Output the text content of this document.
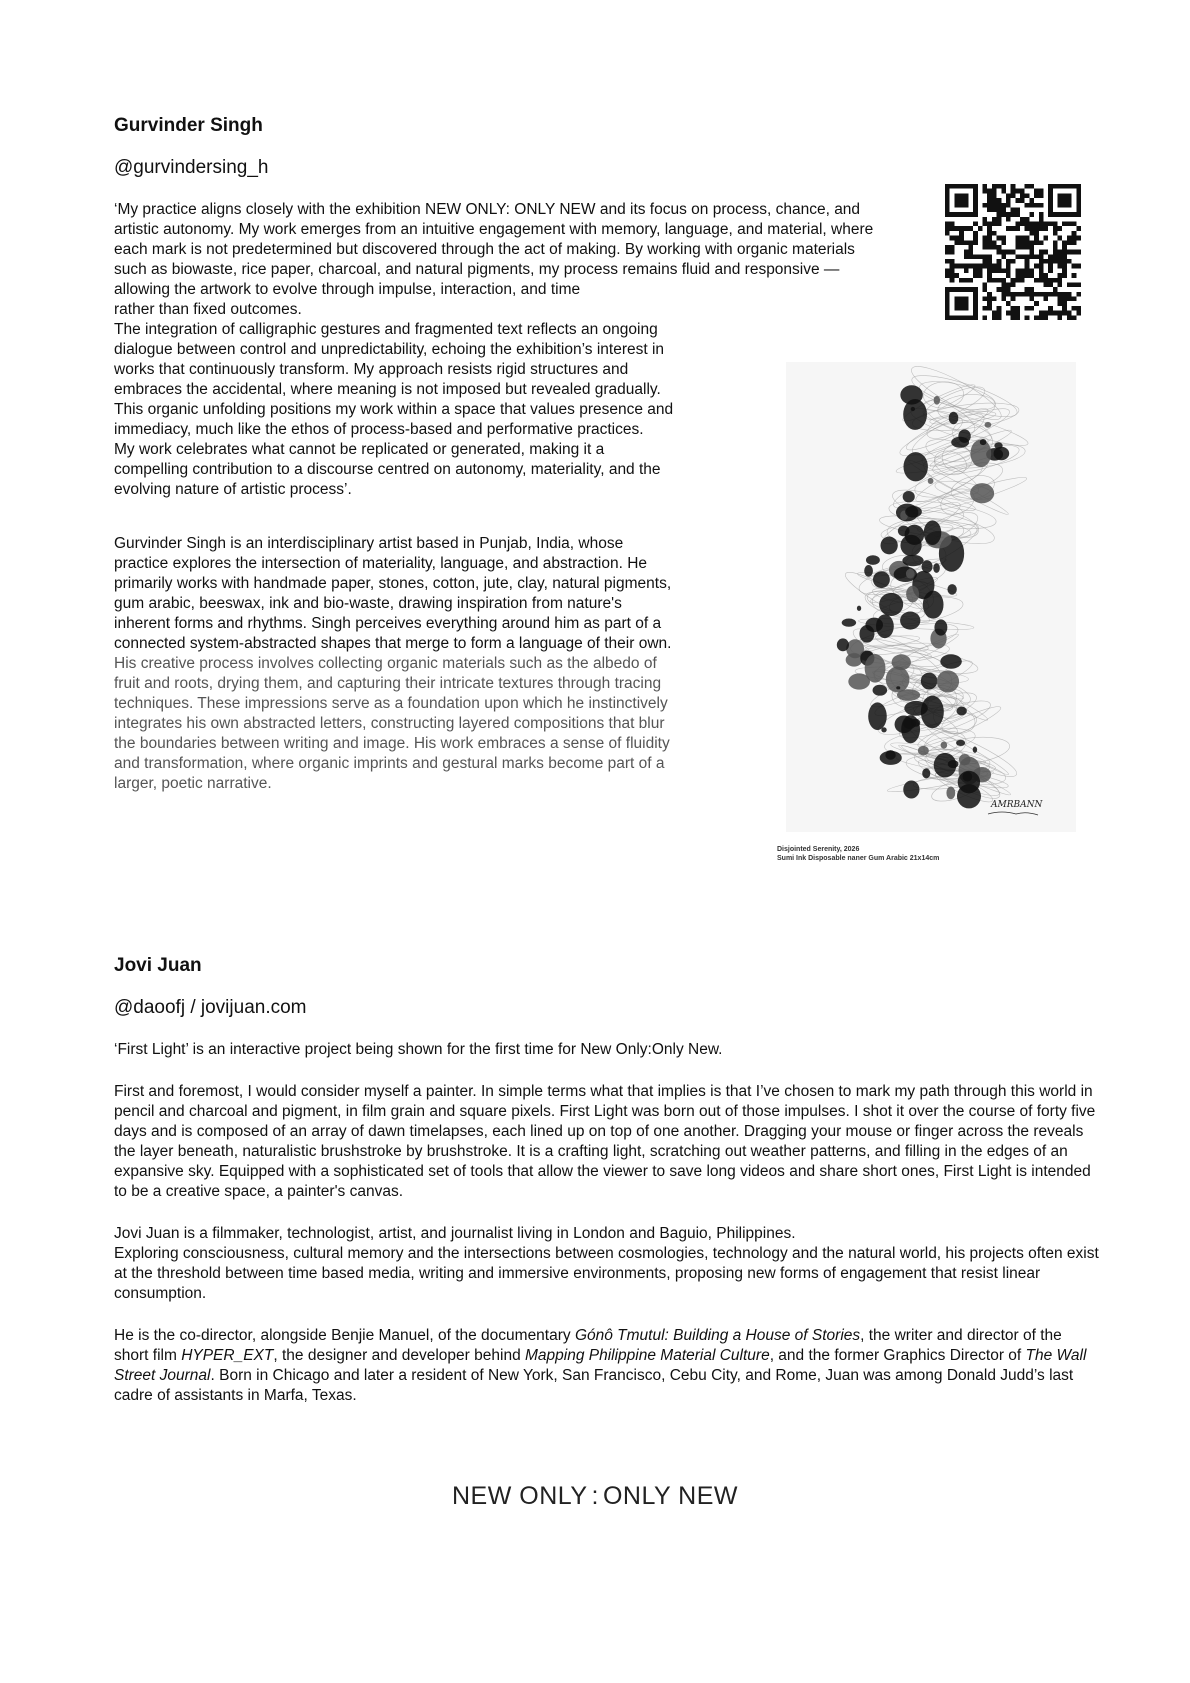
Gurvinder Singh
@gurvindersing_h
‘My practice aligns closely with the exhibition NEW ONLY: ONLY NEW and its focus on process, chance, and
artistic autonomy. My work emerges from an intuitive engagement with memory, language, and material, where
each mark is not predetermined but discovered through the act of making. By working with organic materials
such as biowaste, rice paper, charcoal, and natural pigments, my process remains fluid and responsive —
allowing the artwork to evolve through impulse, interaction, and time
rather than fixed outcomes.
The integration of calligraphic gestures and fragmented text reflects an ongoing
dialogue between control and unpredictability, echoing the exhibition’s interest in
works that continuously transform. My approach resists rigid structures and
embraces the accidental, where meaning is not imposed but revealed gradually.
This organic unfolding positions my work within a space that values presence and
immediacy, much like the ethos of process-based and performative practices.
My work celebrates what cannot be replicated or generated, making it a
compelling contribution to a discourse centred on autonomy, materiality, and the
evolving nature of artistic process’.
Gurvinder Singh is an interdisciplinary artist based in Punjab, India, whose
practice explores the intersection of materiality, language, and abstraction. He
primarily works with handmade paper, stones, cotton, jute, clay, natural pigments,
gum arabic, beeswax, ink and bio-waste, drawing inspiration from nature's
inherent forms and rhythms. Singh perceives everything around him as part of a
connected system-abstracted shapes that merge to form a language of their own.
His creative process involves collecting organic materials such as the albedo of
fruit and roots, drying them, and capturing their intricate textures through tracing
techniques. These impressions serve as a foundation upon which he instinctively
integrates his own abstracted letters, constructing layered compositions that blur
the boundaries between writing and image. His work embraces a sense of fluidity
and transformation, where organic imprints and gestural marks become part of a
larger, poetic narrative.
AMRBANN
Disjointed Serenity, 2026
Sumi Ink Disposable naner Gum Arabic 21x14cm
Jovi Juan
@daoofj / jovijuan.com

‘First Light’ is an interactive project being shown for the first time for New Only:Only New.

First and foremost, I would consider myself a painter. In simple terms what that implies is that I’ve chosen to mark my path through this world in pencil and charcoal and pigment, in film grain and square pixels. First Light was born out of those impulses. I shot it over the course of forty five days and is composed of an array of dawn timelapses, each lined up on top of one another. Dragging your mouse or finger across the reveals the layer beneath, naturalistic brushstroke by brushstroke. It is a crafting light, scratching out weather patterns, and filling in the edges of an expansive sky. Equipped with a sophisticated set of tools that allow the viewer to save long videos and share short ones, First Light is intended to be a creative space, a painter's canvas.

Jovi Juan is a filmmaker, technologist, artist, and journalist living in London and Baguio, Philippines.
Exploring consciousness, cultural memory and the intersections between cosmologies, technology and the natural world, his projects often exist at the threshold between time based media, writing and immersive environments, proposing new forms of engagement that resist linear consumption.

He is the co-director, alongside Benjie Manuel, of the documentary Gónô Tmutul: Building a House of Stories, the writer and director of the short film HYPER_EXT, the designer and developer behind Mapping Philippine Material Culture, and the former Graphics Director of The Wall Street Journal. Born in Chicago and later a resident of New York, San Francisco, Cebu City, and Rome, Juan was among Donald Judd’s last cadre of assistants in Marfa, Texas.

NEW ONLY : ONLY NEW
